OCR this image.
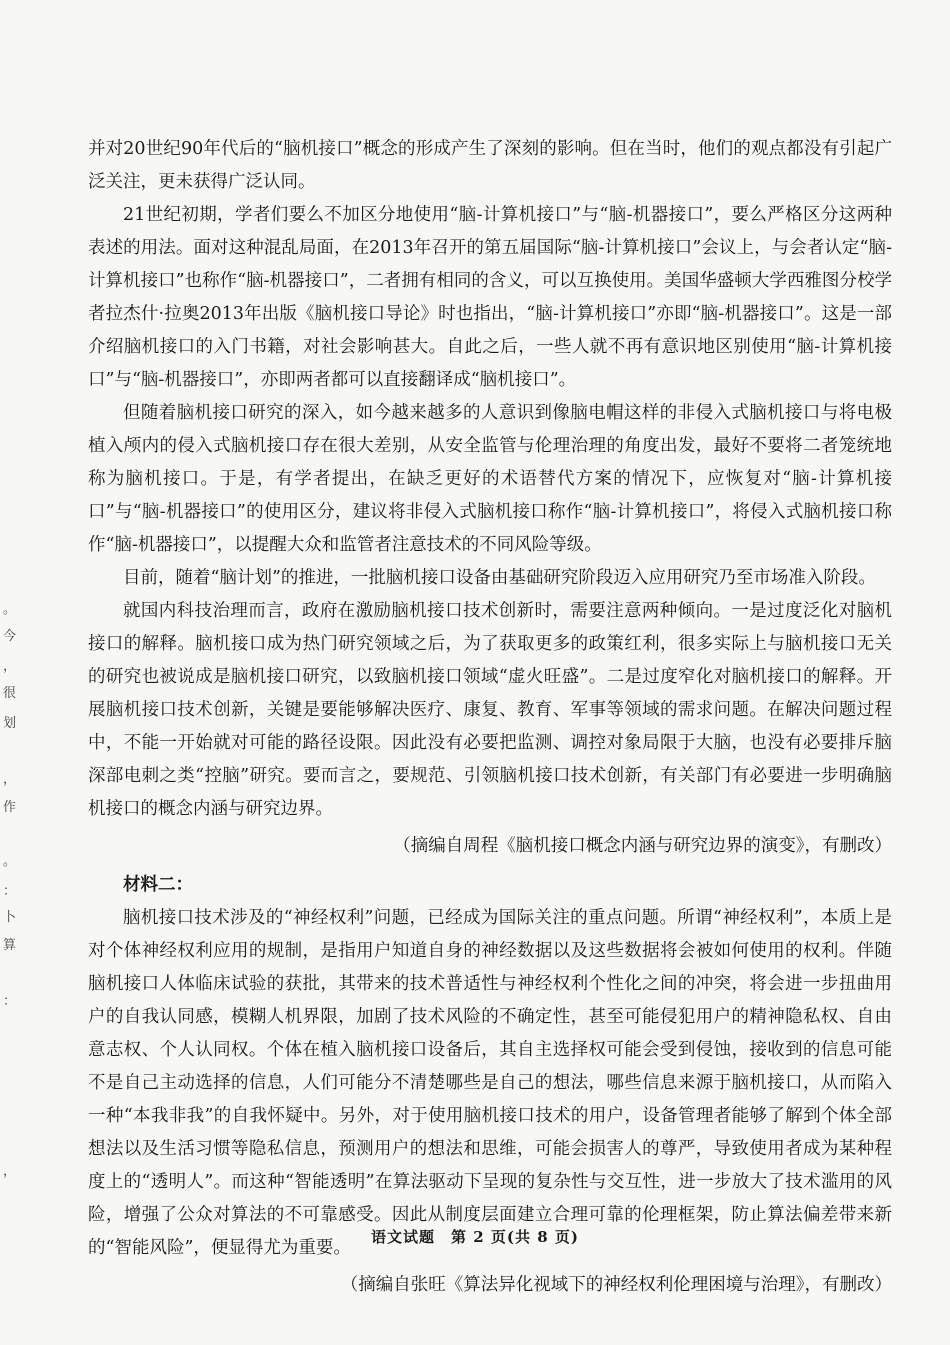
。
今
，
很
划
，
作
。
：
卜
算
：
，

并对20世纪90年代后的“脑机接口”概念的形成产生了深刻的影响。但在当时，他们的观点都没有引起广泛关注，更未获得广泛认同。

21世纪初期，学者们要么不加区分地使用“脑-计算机接口”与“脑-机器接口”，要么严格区分这两种表述的用法。面对这种混乱局面，在2013年召开的第五届国际“脑-计算机接口”会议上，与会者认定“脑-计算机接口”也称作“脑-机器接口”，二者拥有相同的含义，可以互换使用。美国华盛顿大学西雅图分校学者拉杰什·拉奥2013年出版《脑机接口导论》时也指出，“脑-计算机接口”亦即“脑-机器接口”。这是一部介绍脑机接口的入门书籍，对社会影响甚大。自此之后，一些人就不再有意识地区别使用“脑-计算机接口”与“脑-机器接口”，亦即两者都可以直接翻译成“脑机接口”。

但随着脑机接口研究的深入，如今越来越多的人意识到像脑电帽这样的非侵入式脑机接口与将电极植入颅内的侵入式脑机接口存在很大差别，从安全监管与伦理治理的角度出发，最好不要将二者笼统地称为脑机接口。于是，有学者提出，在缺乏更好的术语替代方案的情况下，应恢复对“脑-计算机接口”与“脑-机器接口”的使用区分，建议将非侵入式脑机接口称作“脑-计算机接口”，将侵入式脑机接口称作“脑-机器接口”，以提醒大众和监管者注意技术的不同风险等级。

目前，随着“脑计划”的推进，一批脑机接口设备由基础研究阶段迈入应用研究乃至市场准入阶段。

就国内科技治理而言，政府在激励脑机接口技术创新时，需要注意两种倾向。一是过度泛化对脑机接口的解释。脑机接口成为热门研究领域之后，为了获取更多的政策红利，很多实际上与脑机接口无关的研究也被说成是脑机接口研究，以致脑机接口领域“虚火旺盛”。二是过度窄化对脑机接口的解释。开展脑机接口技术创新，关键是要能够解决医疗、康复、教育、军事等领域的需求问题。在解决问题过程中，不能一开始就对可能的路径设限。因此没有必要把监测、调控对象局限于大脑，也没有必要排斥脑深部电刺之类“控脑”研究。要而言之，要规范、引领脑机接口技术创新，有关部门有必要进一步明确脑机接口的概念内涵与研究边界。

（摘编自周程《脑机接口概念内涵与研究边界的演变》，有删改）

材料二：

脑机接口技术涉及的“神经权利”问题，已经成为国际关注的重点问题。所谓“神经权利”，本质上是对个体神经权利应用的规制，是指用户知道自身的神经数据以及这些数据将会被如何使用的权利。伴随脑机接口人体临床试验的获批，其带来的技术普适性与神经权利个性化之间的冲突，将会进一步扭曲用户的自我认同感，模糊人机界限，加剧了技术风险的不确定性，甚至可能侵犯用户的精神隐私权、自由意志权、个人认同权。个体在植入脑机接口设备后，其自主选择权可能会受到侵蚀，接收到的信息可能不是自己主动选择的信息，人们可能分不清楚哪些是自己的想法，哪些信息来源于脑机接口，从而陷入一种“本我非我”的自我怀疑中。另外，对于使用脑机接口技术的用户，设备管理者能够了解到个体全部想法以及生活习惯等隐私信息，预测用户的想法和思维，可能会损害人的尊严，导致使用者成为某种程度上的“透明人”。而这种“智能透明”在算法驱动下呈现的复杂性与交互性，进一步放大了技术滥用的风险，增强了公众对算法的不可靠感受。因此从制度层面建立合理可靠的伦理框架，防止算法偏差带来新的“智能风险”，便显得尤为重要。

（摘编自张旺《算法异化视域下的神经权利伦理困境与治理》，有删改）

语文试题　第 2 页(共 8 页)
